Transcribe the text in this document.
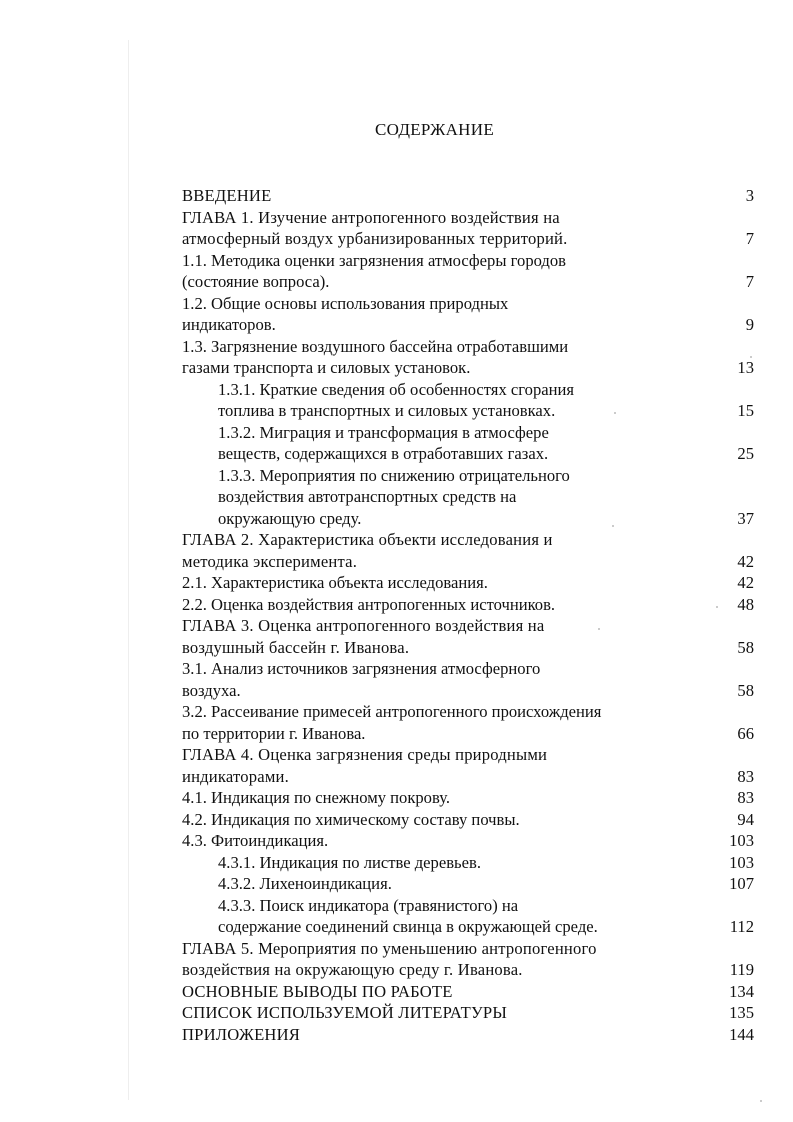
СОДЕРЖАНИЕ
ВВЕДЕНИЕ	3
ГЛАВА 1. Изучение антропогенного воздействия на
атмосферный воздух урбанизированных территорий.	7
1.1. Методика оценки загрязнения атмосферы городов
(состояние вопроса).	7
1.2. Общие основы использования природных
индикаторов.	9
1.3. Загрязнение воздушного бассейна отработавшими
газами транспорта и силовых установок.	13
1.3.1. Краткие сведения об особенностях сгорания
топлива в транспортных и силовых установках.	15
1.3.2. Миграция и трансформация в атмосфере
веществ, содержащихся в отработавших газах.	25
1.3.3. Мероприятия по снижению отрицательного
воздействия автотранспортных средств на
окружающую среду.	37
ГЛАВА 2. Характеристика объекти исследования и
методика эксперимента.	42
2.1. Характеристика объекта исследования.	42
2.2. Оценка воздействия антропогенных источников.	48
ГЛАВА 3. Оценка антропогенного воздействия на
воздушный бассейн г. Иванова.	58
3.1. Анализ источников загрязнения атмосферного
воздуха.	58
3.2. Рассеивание примесей антропогенного происхождения
по территории г. Иванова.	66
ГЛАВА 4. Оценка загрязнения среды природными
индикаторами.	83
4.1. Индикация по снежному покрову.	83
4.2. Индикация по химическому составу почвы.	94
4.3. Фитоиндикация.	103
4.3.1. Индикация по листве деревьев.	103
4.3.2. Лихеноиндикация.	107
4.3.3. Поиск индикатора (травянистого) на
содержание соединений свинца в окружающей среде.	112
ГЛАВА 5. Мероприятия по уменьшению антропогенного
воздействия на окружающую среду г. Иванова.	119
ОСНОВНЫЕ ВЫВОДЫ ПО РАБОТЕ	134
СПИСОК ИСПОЛЬЗУЕМОЙ ЛИТЕРАТУРЫ	135
ПРИЛОЖЕНИЯ	144
